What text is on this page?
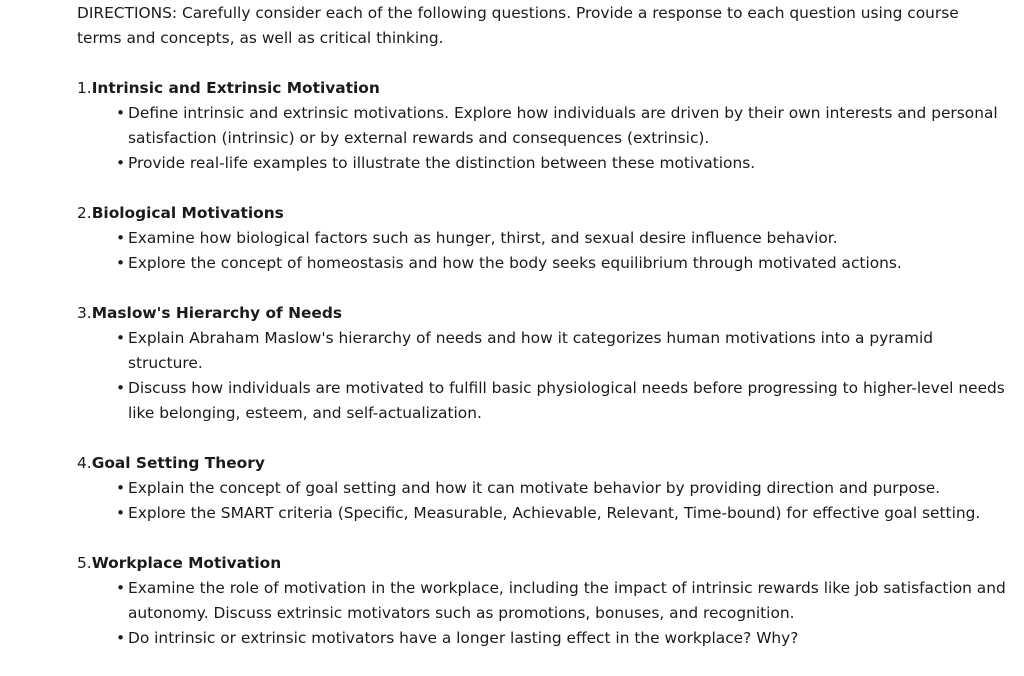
DIRECTIONS: Carefully consider each of the following questions. Provide a response to each question using course terms and concepts, as well as critical thinking.

1.Intrinsic and Extrinsic Motivation
• Define intrinsic and extrinsic motivations. Explore how individuals are driven by their own interests and personal satisfaction (intrinsic) or by external rewards and consequences (extrinsic).
• Provide real-life examples to illustrate the distinction between these motivations.
2.Biological Motivations
• Examine how biological factors such as hunger, thirst, and sexual desire influence behavior.
• Explore the concept of homeostasis and how the body seeks equilibrium through motivated actions.
3.Maslow's Hierarchy of Needs
• Explain Abraham Maslow's hierarchy of needs and how it categorizes human motivations into a pyramid structure.
• Discuss how individuals are motivated to fulfill basic physiological needs before progressing to higher-level needs like belonging, esteem, and self-actualization.
4.Goal Setting Theory
• Explain the concept of goal setting and how it can motivate behavior by providing direction and purpose.
• Explore the SMART criteria (Specific, Measurable, Achievable, Relevant, Time-bound) for effective goal setting.
5.Workplace Motivation
• Examine the role of motivation in the workplace, including the impact of intrinsic rewards like job satisfaction and autonomy. Discuss extrinsic motivators such as promotions, bonuses, and recognition.
• Do intrinsic or extrinsic motivators have a longer lasting effect in the workplace? Why?
